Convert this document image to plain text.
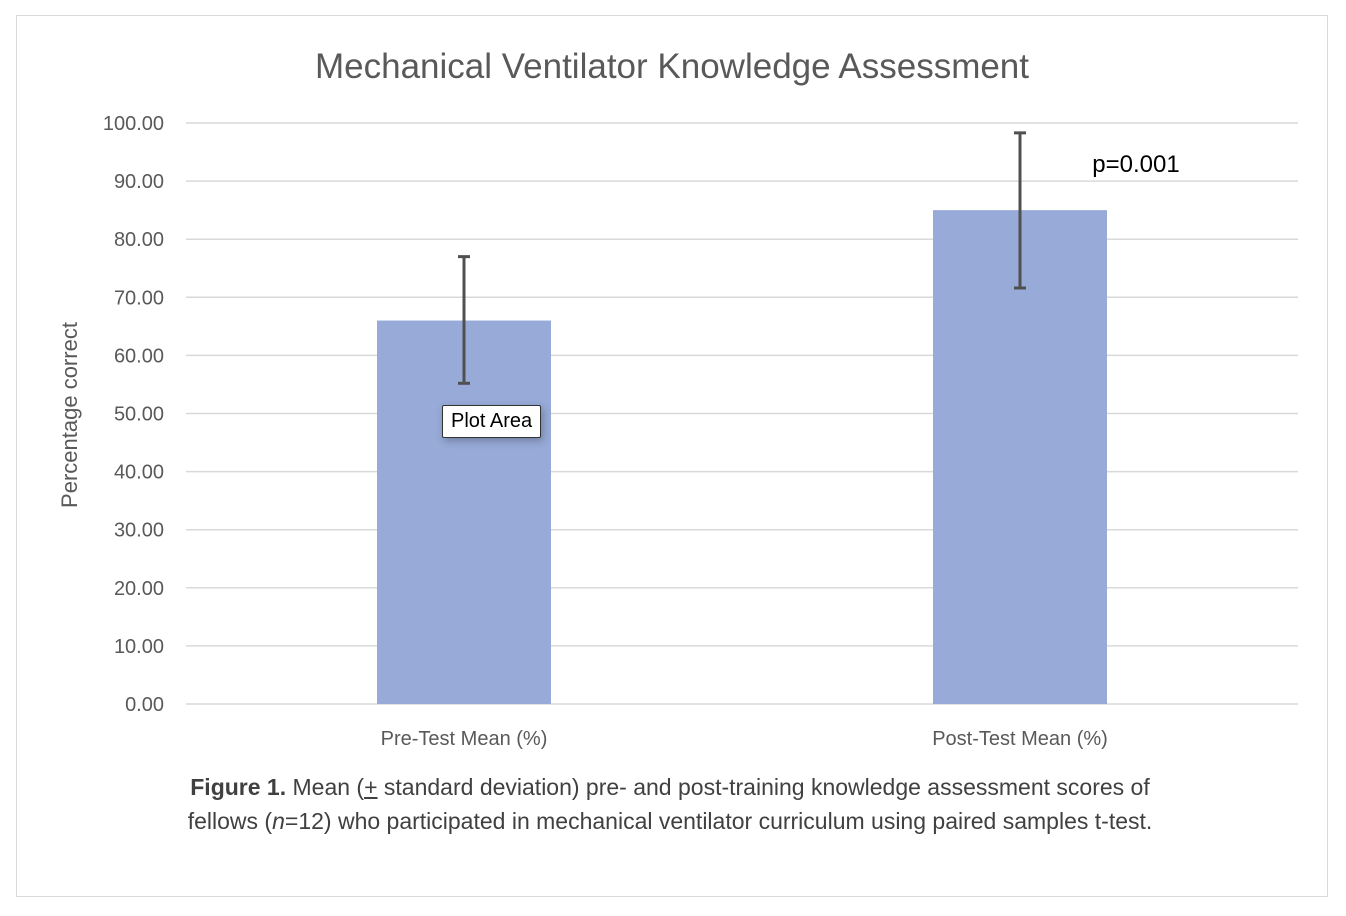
Mechanical Ventilator Knowledge Assessment
Percentage correct
0.00
10.00
20.00
30.00
40.00
50.00
60.00
70.00
80.00
90.00
100.00
Pre-Test Mean (%)	Post-Test Mean (%)
p=0.001
Plot Area
Figure 1. Mean (+ standard deviation) pre- and post-training knowledge assessment scores of fellows (n=12) who participated in mechanical ventilator curriculum using paired samples t-test.
